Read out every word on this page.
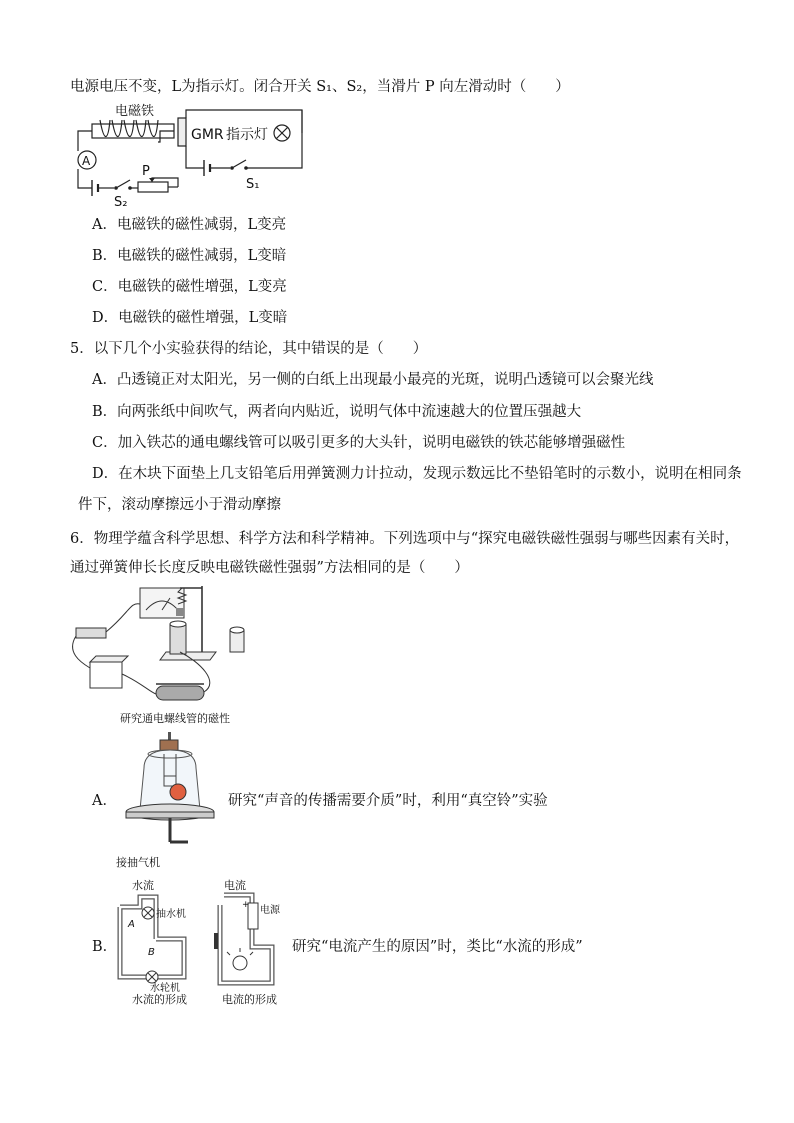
电源电压不变，L为指示灯。闭合开关 S₁、S₂，当滑片 P 向左滑动时（　　）
电磁铁
GMR 指示灯
S₁
A
S₂
P
A．电磁铁的磁性减弱，L变亮
B．电磁铁的磁性减弱，L变暗
C．电磁铁的磁性增强，L变亮
D．电磁铁的磁性增强，L变暗
5．以下几个小实验获得的结论，其中错误的是（　　）
A．凸透镜正对太阳光，另一侧的白纸上出现最小最亮的光斑，说明凸透镜可以会聚光线
B．向两张纸中间吹气，两者向内贴近，说明气体中流速越大的位置压强越大
C．加入铁芯的通电螺线管可以吸引更多的大头针，说明电磁铁的铁芯能够增强磁性
D．在木块下面垫上几支铅笔后用弹簧测力计拉动，发现示数远比不垫铅笔时的示数小，说明在相同条
件下，滚动摩擦远小于滑动摩擦
6．物理学蕴含科学思想、科学方法和科学精神。下列选项中与“探究电磁铁磁性强弱与哪些因素有关时，
通过弹簧伸长长度反映电磁铁磁性强弱”方法相同的是（　　）
研究通电螺线管的磁性
A．
接抽气机
研究“声音的传播需要介质”时，利用“真空铃”实验
B．
水流
抽水机
A
B
水轮机
水流的形成
电流
+ 电源
电流的形成
研究“电流产生的原因”时，类比“水流的形成”
